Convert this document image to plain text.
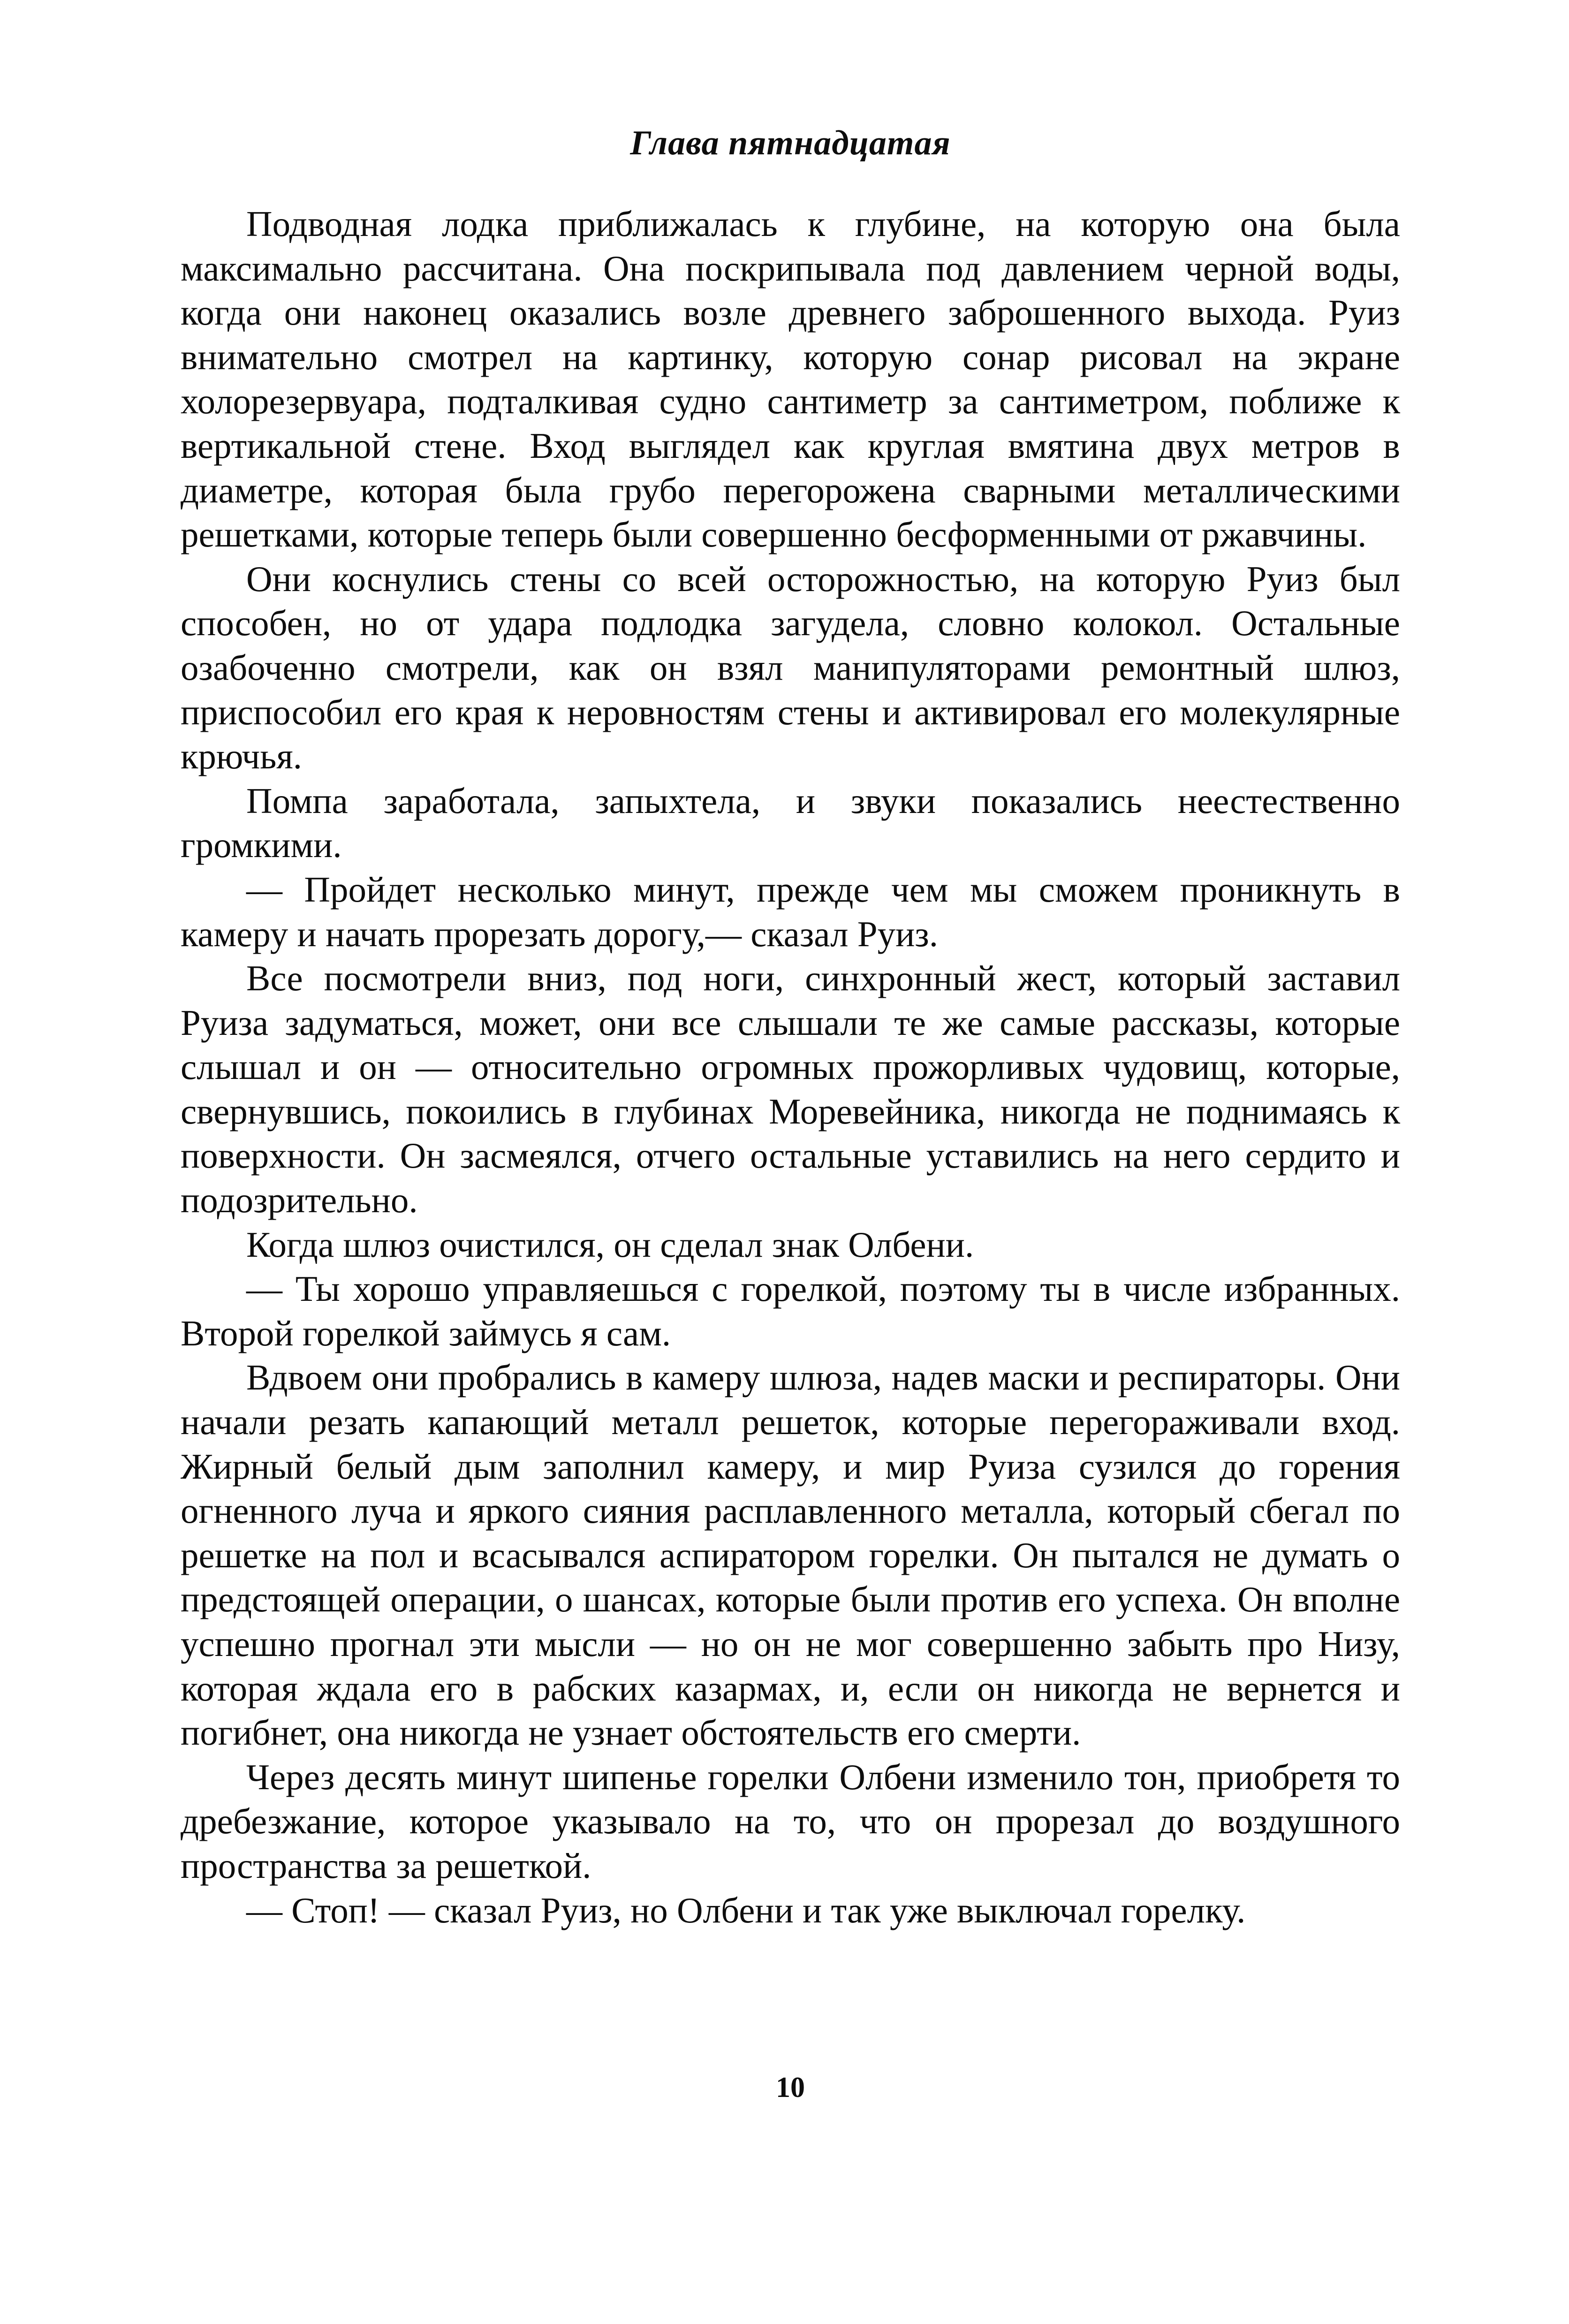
Глава пятнадцатая

Подводная лодка приближалась к глубине, на которую она была максимально рассчитана. Она поскрипывала под давлением черной воды, когда они наконец оказались возле древнего заброшенного выхода. Руиз внимательно смотрел на картинку, которую сонар рисовал на экране холорезервуара, подталкивая судно сантиметр за сантиметром, поближе к вертикальной стене. Вход выглядел как круглая вмятина двух метров в диаметре, которая была грубо перегорожена сварными металлическими решетками, которые теперь были совершенно бесформенными от ржавчины.

Они коснулись стены со всей осторожностью, на которую Руиз был способен, но от удара подлодка загудела, словно колокол. Остальные озабоченно смотрели, как он взял манипуляторами ремонтный шлюз, приспособил его края к неровностям стены и активировал его молекулярные крючья.

Помпа заработала, запыхтела, и звуки показались неестественно громкими.

— Пройдет несколько минут, прежде чем мы сможем проникнуть в камеру и начать прорезать дорогу,— сказал Руиз.

Все посмотрели вниз, под ноги, синхронный жест, который заставил Руиза задуматься, может, они все слышали те же самые рассказы, которые слышал и он — относительно огромных прожорливых чудовищ, которые, свернувшись, покоились в глубинах Моревейника, никогда не поднимаясь к поверхности. Он засмеялся, отчего остальные уставились на него сердито и подозрительно.

Когда шлюз очистился, он сделал знак Олбени.

— Ты хорошо управляешься с горелкой, поэтому ты в числе избранных. Второй горелкой займусь я сам.

Вдвоем они пробрались в камеру шлюза, надев маски и респираторы. Они начали резать капающий металл решеток, которые перегораживали вход. Жирный белый дым заполнил камеру, и мир Руиза сузился до горения огненного луча и яркого сияния расплавленного металла, который сбегал по решетке на пол и всасывался аспиратором горелки. Он пытался не думать о предстоящей операции, о шансах, которые были против его успеха. Он вполне успешно прогнал эти мысли — но он не мог совершенно забыть про Низу, которая ждала его в рабских казармах, и, если он никогда не вернется и погибнет, она никогда не узнает обстоятельств его смерти.

Через десять минут шипенье горелки Олбени изменило тон, приобретя то дребезжание, которое указывало на то, что он прорезал до воздушного пространства за решеткой.

— Стоп! — сказал Руиз, но Олбени и так уже выключал горелку.

10
